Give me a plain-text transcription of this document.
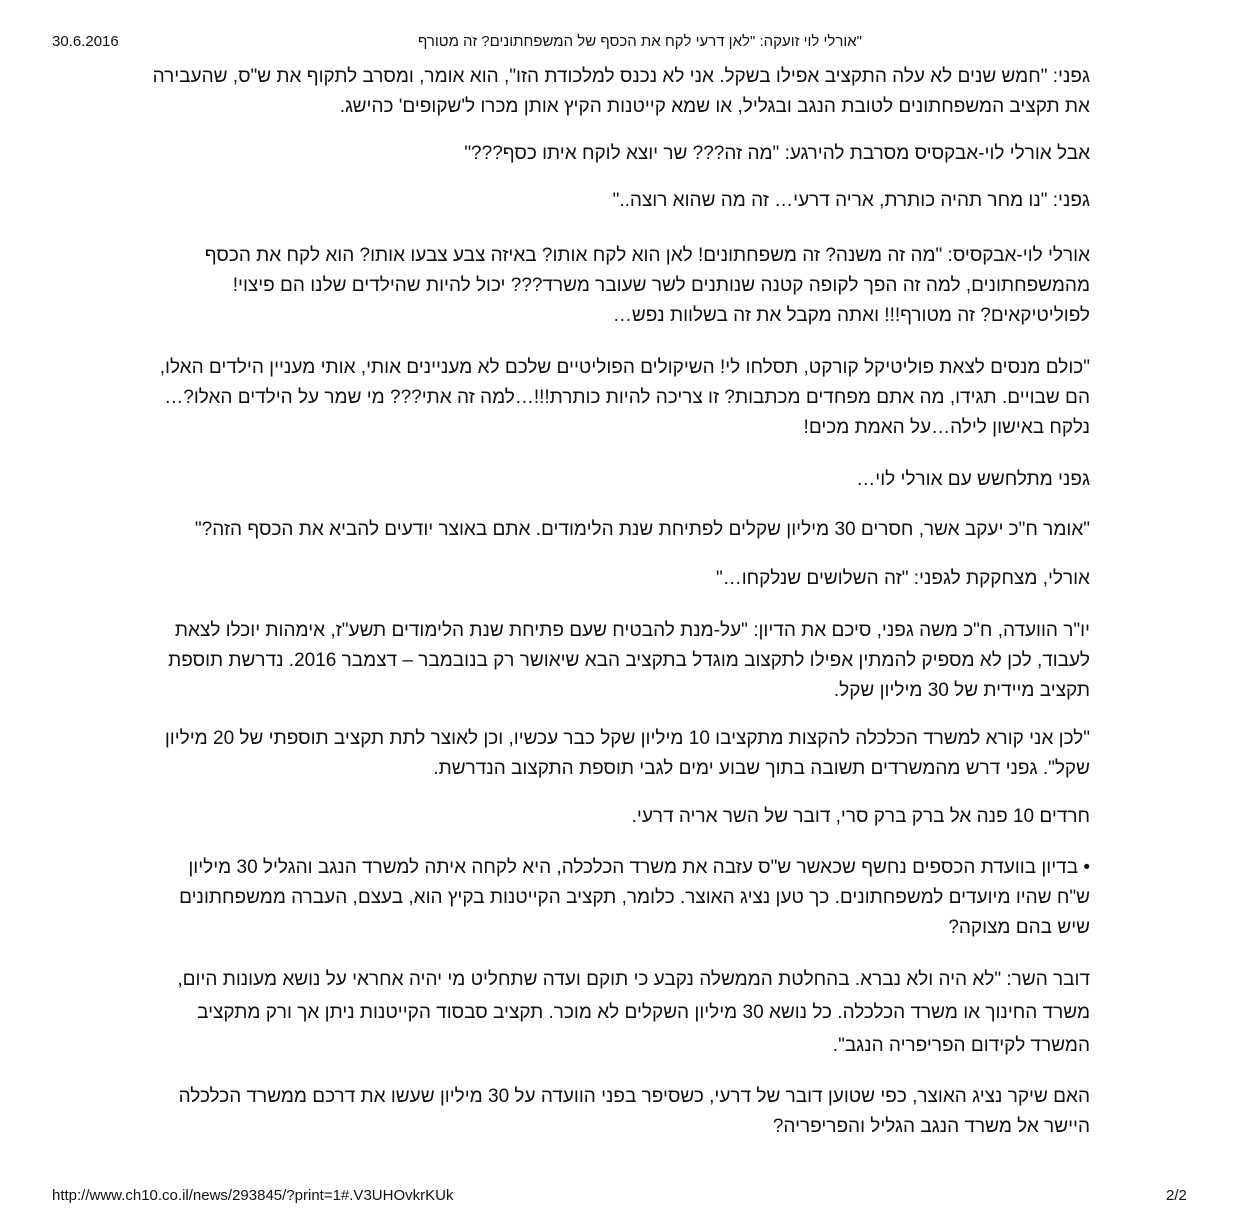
30.6.2016	"אורלי לוי זועקה: "לאן דרעי לקח את הכסף של המשפחתונים? זה מטורף

גפני: "חמש שנים לא עלה התקציב אפילו בשקל. אני לא נכנס למלכודת הזו", הוא אומר, ומסרב לתקוף את ש"ס, שהעבירה את תקציב המשפחתונים לטובת הנגב ובגליל, או שמא קייטנות הקיץ אותן מכרו ל'שקופים' כהישג.

אבל אורלי לוי-אבקסיס מסרבת להירגע: "מה זה??? שר יוצא לוקח איתו כסף???"

גפני: "נו מחר תהיה כותרת, אריה דרעי… זה מה שהוא רוצה.."

אורלי לוי-אבקסיס: "מה זה משנה? זה משפחתונים! לאן הוא לקח אותו? באיזה צבע צבעו אותו? הוא לקח את הכסף מהמשפחתונים, למה זה הפך לקופה קטנה שנותנים לשר שעובר משרד??? יכול להיות שהילדים שלנו הם פיצוי! לפוליטיקאים? זה מטורף!!! ואתה מקבל את זה בשלוות נפש…

"כולם מנסים לצאת פוליטיקל קורקט, תסלחו לי! השיקולים הפוליטיים שלכם לא מעניינים אותי, אותי מעניין הילדים האלו, הם שבויים. תגידו, מה אתם מפחדים מכתבות? זו צריכה להיות כותרת!!!…למה זה אתי??? מי שמר על הילדים האלו?… נלקח באישון לילה…על האמת מכים!

גפני מתלחשש עם אורלי לוי…

"אומר ח"כ יעקב אשר, חסרים 30 מיליון שקלים לפתיחת שנת הלימודים. אתם באוצר יודעים להביא את הכסף הזה?"

אורלי, מצחקקת לגפני: "זה השלושים שנלקחו…"

יו"ר הוועדה, ח"כ משה גפני, סיכם את הדיון: "על-מנת להבטיח שעם פתיחת שנת הלימודים תשע"ז, אימהות יוכלו לצאת לעבוד, לכן לא מספיק להמתין אפילו לתקצוב מוגדל בתקציב הבא שיאושר רק בנובמבר – דצמבר 2016. נדרשת תוספת תקציב מיידית של 30 מיליון שקל.

"לכן אני קורא למשרד הכלכלה להקצות מתקציבו 10 מיליון שקל כבר עכשיו, וכן לאוצר לתת תקציב תוספתי של 20 מיליון שקל". גפני דרש מהמשרדים תשובה בתוך שבוע ימים לגבי תוספת התקצוב הנדרשת.

חרדים 10 פנה אל ברק ברק סרי, דובר של השר אריה דרעי.

• בדיון בוועדת הכספים נחשף שכאשר ש"ס עזבה את משרד הכלכלה, היא לקחה איתה למשרד הנגב והגליל 30 מיליון ש"ח שהיו מיועדים למשפחתונים. כך טען נציג האוצר. כלומר, תקציב הקייטנות בקיץ הוא, בעצם, העברה ממשפחתונים שיש בהם מצוקה?

דובר השר: "לא היה ולא נברא. בהחלטת הממשלה נקבע כי תוקם ועדה שתחליט מי יהיה אחראי על נושא מעונות היום, משרד החינוך או משרד הכלכלה. כל נושא 30 מיליון השקלים לא מוכר. תקציב סבסוד הקייטנות ניתן אך ורק מתקציב המשרד לקידום הפריפריה הנגב".

האם שיקר נציג האוצר, כפי שטוען דובר של דרעי, כשסיפר בפני הוועדה על 30 מיליון שעשו את דרכם ממשרד הכלכלה היישר אל משרד הנגב הגליל והפריפריה?

http://www.ch10.co.il/news/293845/?print=1#.V3UHOvkrKUk	2/2
